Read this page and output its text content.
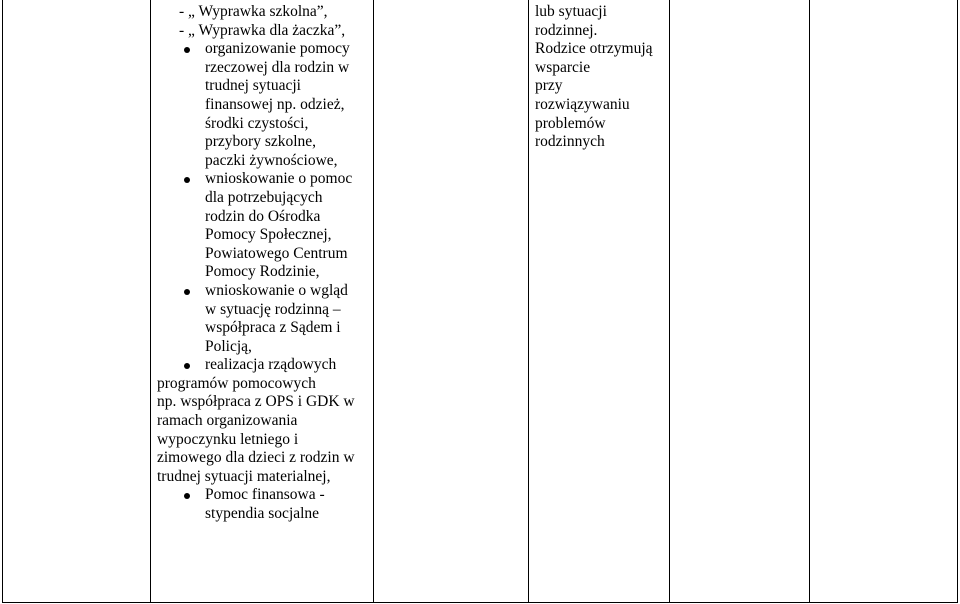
- „ Wyprawka szkolna”,
- „ Wyprawka dla żaczka”,
organizowanie pomocy
rzeczowej dla rodzin w
trudnej sytuacji
finansowej np. odzież,
środki czystości,
przybory szkolne,
paczki żywnościowe,
wnioskowanie o pomoc
dla potrzebujących
rodzin do Ośrodka
Pomocy Społecznej,
Powiatowego Centrum
Pomocy Rodzinie,
wnioskowanie o wgląd
w sytuację rodzinną –
współpraca z Sądem i
Policją,
realizacja rządowych
programów pomocowych
np. współpraca z OPS i GDK w
ramach organizowania
wypoczynku letniego i
zimowego dla dzieci z rodzin w
trudnej sytuacji materialnej,
Pomoc finansowa -
stypendia socjalne
lub sytuacji
rodzinnej.
Rodzice otrzymują
wsparcie
przy
rozwiązywaniu
problemów
rodzinnych
